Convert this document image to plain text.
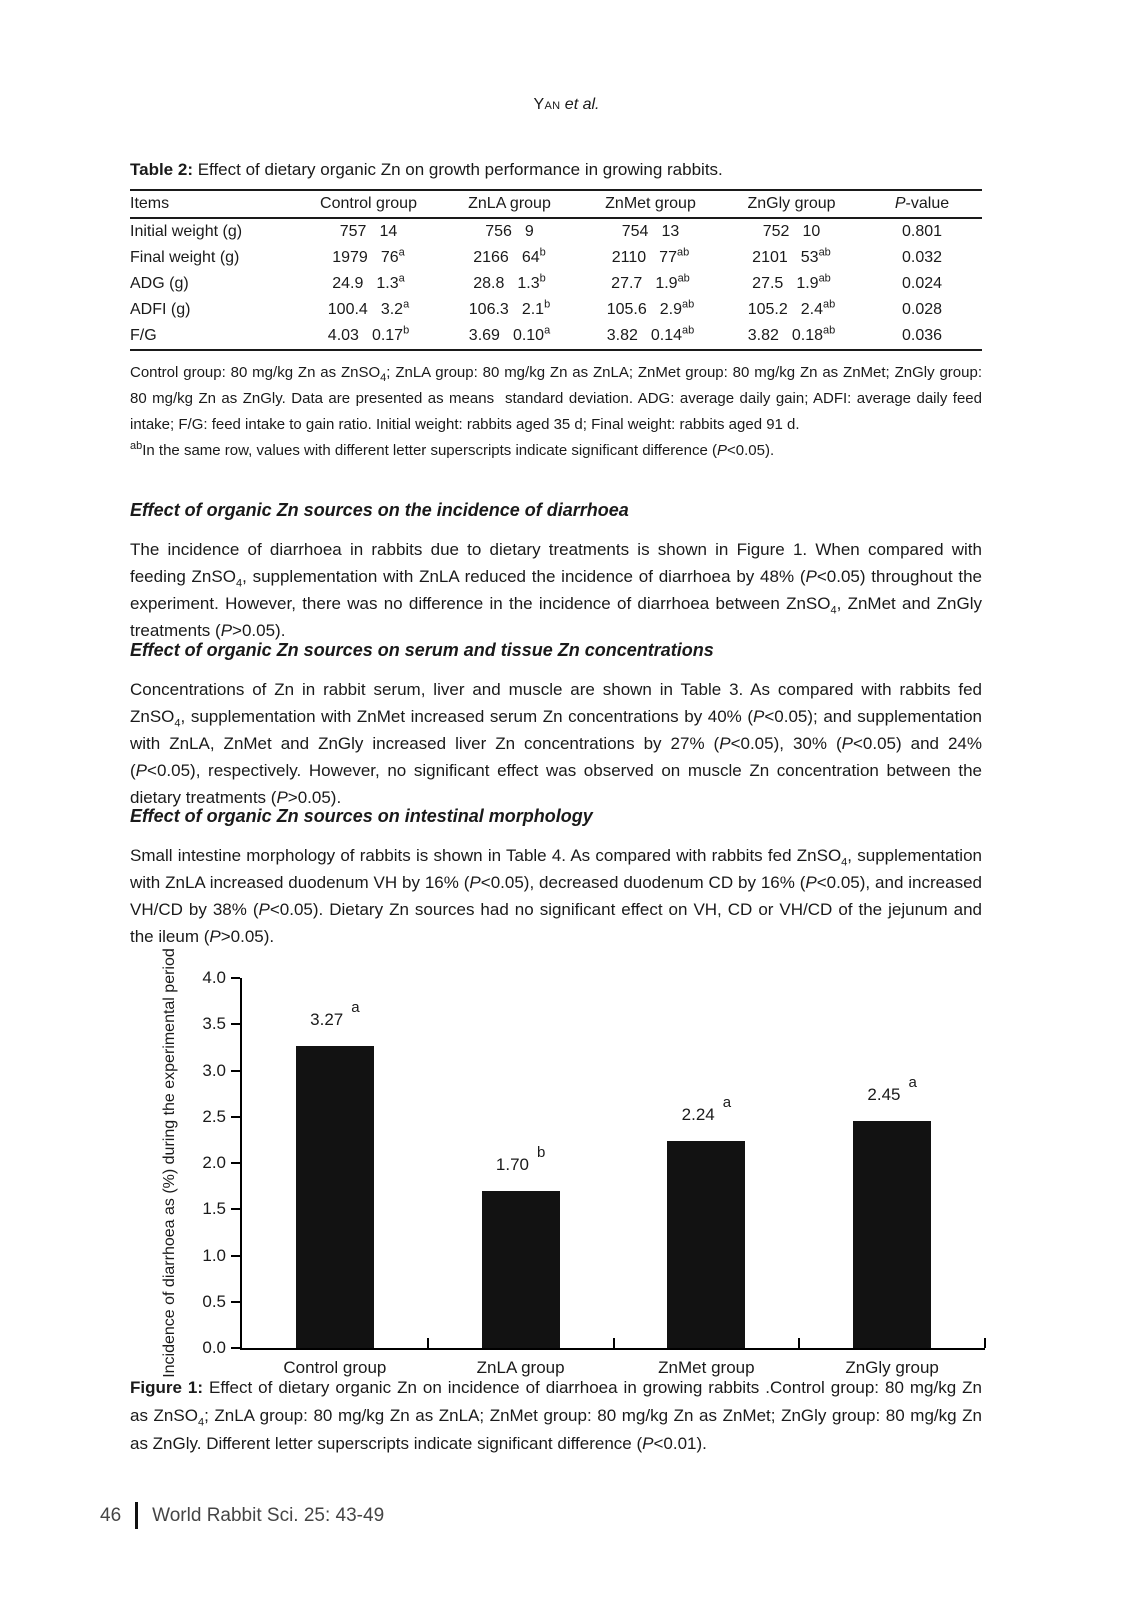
Yan et al.
Table 2: Effect of dietary organic Zn on growth performance in growing rabbits.
Items	Control group	ZnLA group	ZnMet group	ZnGly group	P-value
Initial weight (g)	757 14	756 9	754 13	752 10	0.801
Final weight (g)	1979 76$^a$	2166 64$^b$	2110 $77^{ab}$	2101 $53^{ab}$	0.032
ADG (g)	24.9 1.3$^a$	28.8 1.3$^b$	27.7 1.9$^{ab}$	27.5 1.9$^{ab}$	0.024
ADFI (g)	100.4 3.2$^a$	106.3 2.1$^b$	105.6 2.9$^{ab}$	105.2 2.4$^{ab}$	0.028
F/G	4.03 0.17$^b$	3.69 0.10$^a$	3.82 0.14$^{ab}$	3.82 0.18$^{ab}$	0.036

Control group: 80 mg/kg Zn as ZnSO$_4$; ZnLA group: 80 mg/kg Zn as ZnLA; ZnMet group: 80 mg/kg Zn as ZnMet; ZnGly group: 80 mg/kg Zn as ZnGly. Data are presented as means  standard deviation. ADG: average daily gain; ADFI: average daily feed intake; F/G: feed intake to gain ratio. Initial weight: rabbits aged 35 d; Final weight: rabbits aged 91 d.

$^{ab}$In the same row, values with different letter superscripts indicate significant difference (P<0.05).

Effect of organic Zn sources on the incidence of diarrhoea

The incidence of diarrhoea in rabbits due to dietary treatments is shown in Figure 1. When compared with feeding ZnSO$_4$, supplementation with ZnLA reduced the incidence of diarrhoea by 48% (P<0.05) throughout the experiment. However, there was no difference in the incidence of diarrhoea between ZnSO$_4$, ZnMet and ZnGly treatments (P>0.05).

Effect of organic Zn sources on serum and tissue Zn concentrations

Concentrations of Zn in rabbit serum, liver and muscle are shown in Table 3. As compared with rabbits fed ZnSO$_4$, supplementation with ZnMet increased serum Zn concentrations by 40% (P<0.05); and supplementation with ZnLA, ZnMet and ZnGly increased liver Zn concentrations by 27% (P<0.05), 30% (P<0.05) and 24% (P<0.05), respectively. However, no significant effect was observed on muscle Zn concentration between the dietary treatments (P>0.05).

Effect of organic Zn sources on intestinal morphology

Small intestine morphology of rabbits is shown in Table 4. As compared with rabbits fed ZnSO$_4$, supplementation with ZnLA increased duodenum VH by 16% (P<0.05), decreased duodenum CD by 16% (P<0.05), and increased VH/CD by 38% (P<0.05). Dietary Zn sources had no significant effect on VH, CD or VH/CD of the jejunum and the ileum (P>0.05).

Incidence of diarrhoea as (%) during the experimental period 0.0
0.5
1.0
1.5
2.0
2.5
3.0
3.5
4.0
3.27a
Control group
1.70b
ZnLA group
2.24a
ZnMet group
2.45a
ZnGly group
Figure 1: Effect of dietary organic Zn on incidence of diarrhoea in growing rabbits .Control group: 80 mg/kg Zn as ZnSO$_4$; ZnLA group: 80 mg/kg Zn as ZnLA; ZnMet group: 80 mg/kg Zn as ZnMet; ZnGly group: 80 mg/kg Zn as ZnGly. Different letter superscripts indicate significant difference (P<0.01).
46 World Rabbit Sci. 25: 43-49
